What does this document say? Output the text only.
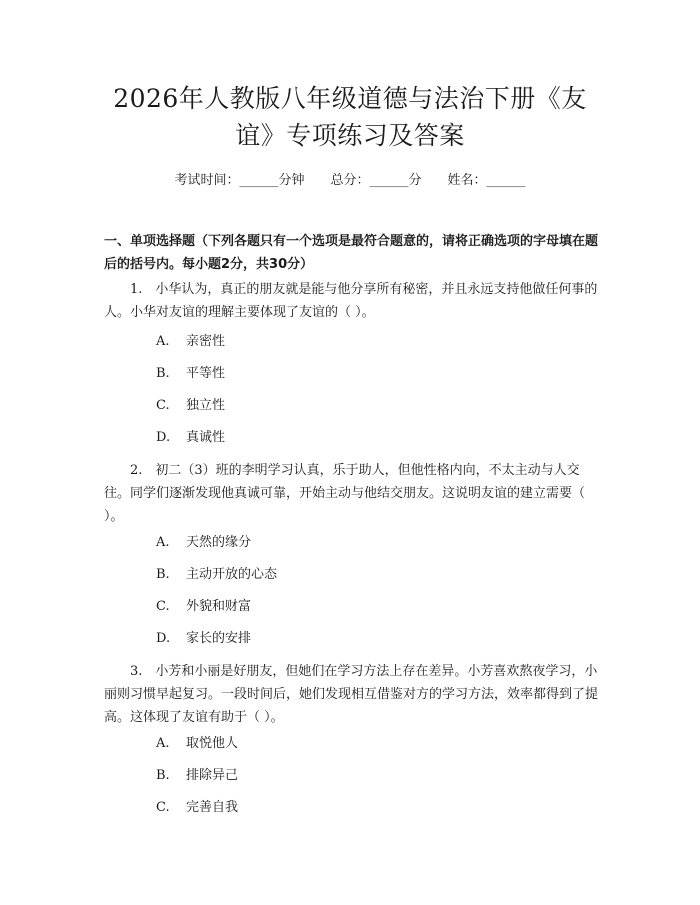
2026年人教版八年级道德与法治下册《友
谊》专项练习及答案
考试时间：______分钟 总分：______分 姓名：______
一、单项选择题（下列各题只有一个选项是最符合题意的，请将正确选项的字母填在题后的括号内。每小题2分，共30分）
1.　小华认为，真正的朋友就是能与他分享所有秘密，并且永远支持他做任何事的人。小华对友谊的理解主要体现了友谊的（ ）。
A. 亲密性
B. 平等性
C. 独立性
D. 真诚性
2.　初二（3）班的李明学习认真，乐于助人，但他性格内向，不太主动与人交往。同学们逐渐发现他真诚可靠，开始主动与他结交朋友。这说明友谊的建立需要（ ）。
A. 天然的缘分
B. 主动开放的心态
C. 外貌和财富
D. 家长的安排
3.　小芳和小丽是好朋友，但她们在学习方法上存在差异。小芳喜欢熬夜学习，小丽则习惯早起复习。一段时间后，她们发现相互借鉴对方的学习方法，效率都得到了提高。这体现了友谊有助于（ ）。
A. 取悦他人
B. 排除异己
C. 完善自我
